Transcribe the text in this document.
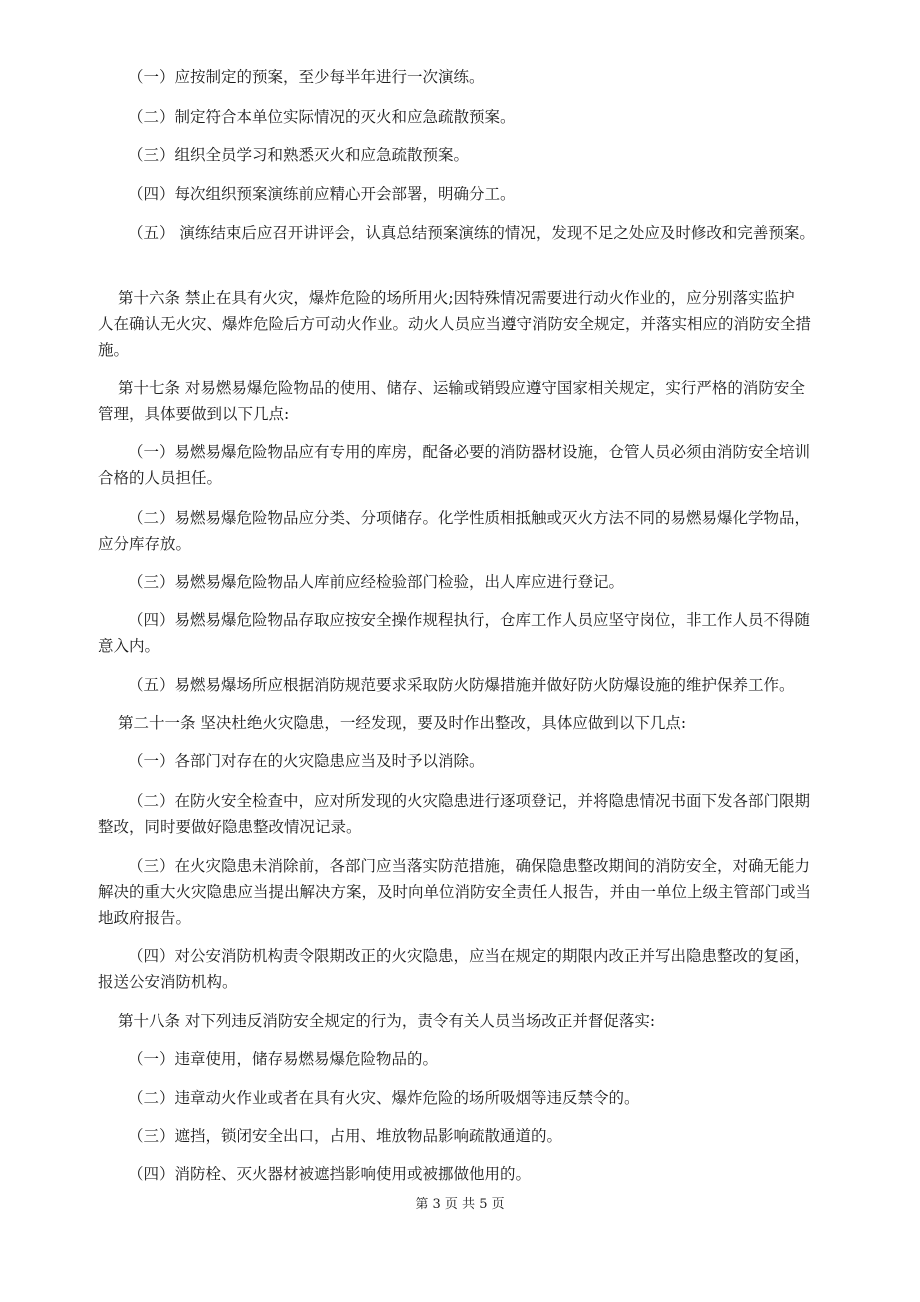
（一）应按制定的预案，至少每半年进行一次演练。
（二）制定符合本单位实际情况的灭火和应急疏散预案。
（三）组织全员学习和熟悉灭火和应急疏散预案。
（四）每次组织预案演练前应精心开会部署，明确分工。
（五） 演练结束后应召开讲评会，认真总结预案演练的情况，发现不足之处应及时修改和完善预案。
第十六条 禁止在具有火灾，爆炸危险的场所用火;因特殊情况需要进行动火作业的，应分别落实监护
人在确认无火灾、爆炸危险后方可动火作业。动火人员应当遵守消防安全规定，并落实相应的消防安全措
施。
第十七条 对易燃易爆危险物品的使用、储存、运输或销毁应遵守国家相关规定，实行严格的消防安全
管理，具体要做到以下几点:
（一）易燃易爆危险物品应有专用的库房，配备必要的消防器材设施，仓管人员必须由消防安全培训
合格的人员担任。
（二）易燃易爆危险物品应分类、分项储存。化学性质相抵触或灭火方法不同的易燃易爆化学物品，
应分库存放。
（三）易燃易爆危险物品人库前应经检验部门检验，出人库应进行登记。
（四）易燃易爆危险物品存取应按安全操作规程执行，仓库工作人员应坚守岗位，非工作人员不得随
意入内。
（五）易燃易爆场所应根据消防规范要求采取防火防爆措施并做好防火防爆设施的维护保养工作。
第二十一条 坚决杜绝火灾隐患，一经发现，要及时作出整改，具体应做到以下几点:
（一）各部门对存在的火灾隐患应当及时予以消除。
（二）在防火安全检查中，应对所发现的火灾隐患进行逐项登记，并将隐患情况书面下发各部门限期
整改，同时要做好隐患整改情况记录。
（三）在火灾隐患未消除前，各部门应当落实防范措施，确保隐患整改期间的消防安全，对确无能力
解决的重大火灾隐患应当提出解决方案，及时向单位消防安全责任人报告，并由一单位上级主管部门或当
地政府报告。
（四）对公安消防机构责令限期改正的火灾隐患，应当在规定的期限内改正并写出隐患整改的复函，
报送公安消防机构。
第十八条 对下列违反消防安全规定的行为，责令有关人员当场改正并督促落实:
（一）违章使用，储存易燃易爆危险物品的。
（二）违章动火作业或者在具有火灾、爆炸危险的场所吸烟等违反禁令的。
（三）遮挡，锁闭安全出口，占用、堆放物品影响疏散通道的。
（四）消防栓、灭火器材被遮挡影响使用或被挪做他用的。
第 3 页 共 5 页
